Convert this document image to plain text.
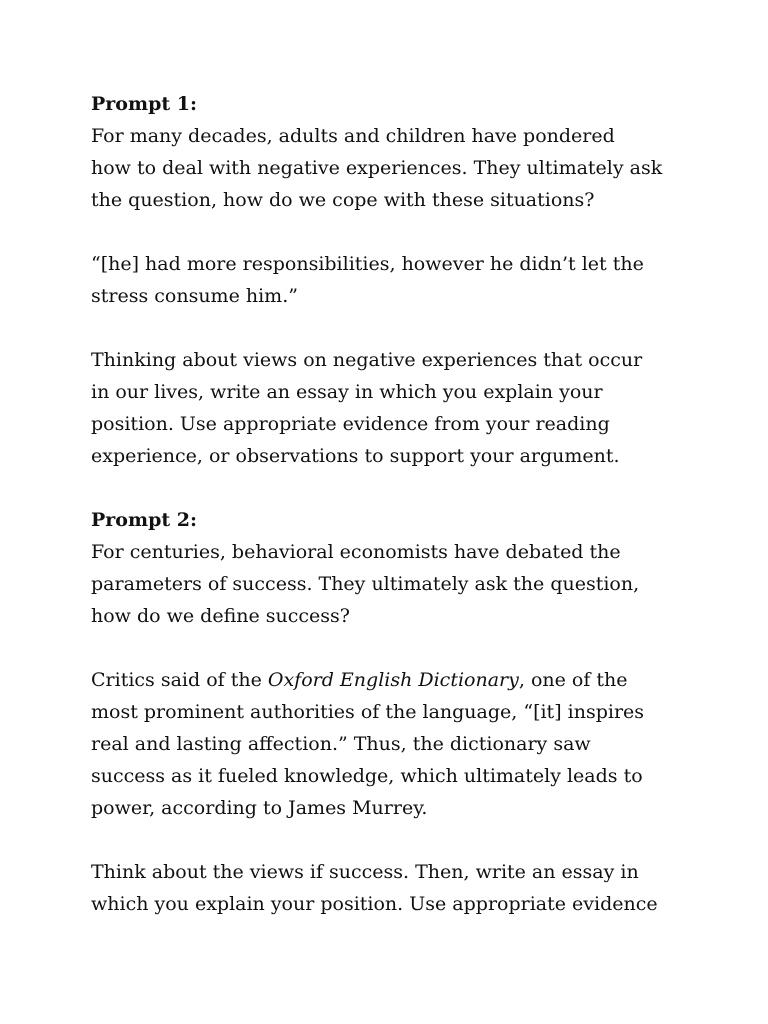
Prompt 1:
For many decades, adults and children have pondered
how to deal with negative experiences. They ultimately ask
the question, how do we cope with these situations?
“[he] had more responsibilities, however he didn’t let the
stress consume him.”
Thinking about views on negative experiences that occur
in our lives, write an essay in which you explain your
position. Use appropriate evidence from your reading
experience, or observations to support your argument.
Prompt 2:
For centuries, behavioral economists have debated the
parameters of success. They ultimately ask the question,
how do we define success?
Critics said of the Oxford English Dictionary, one of the
most prominent authorities of the language, “[it] inspires
real and lasting affection.” Thus, the dictionary saw
success as it fueled knowledge, which ultimately leads to
power, according to James Murrey.
Think about the views if success. Then, write an essay in
which you explain your position. Use appropriate evidence
